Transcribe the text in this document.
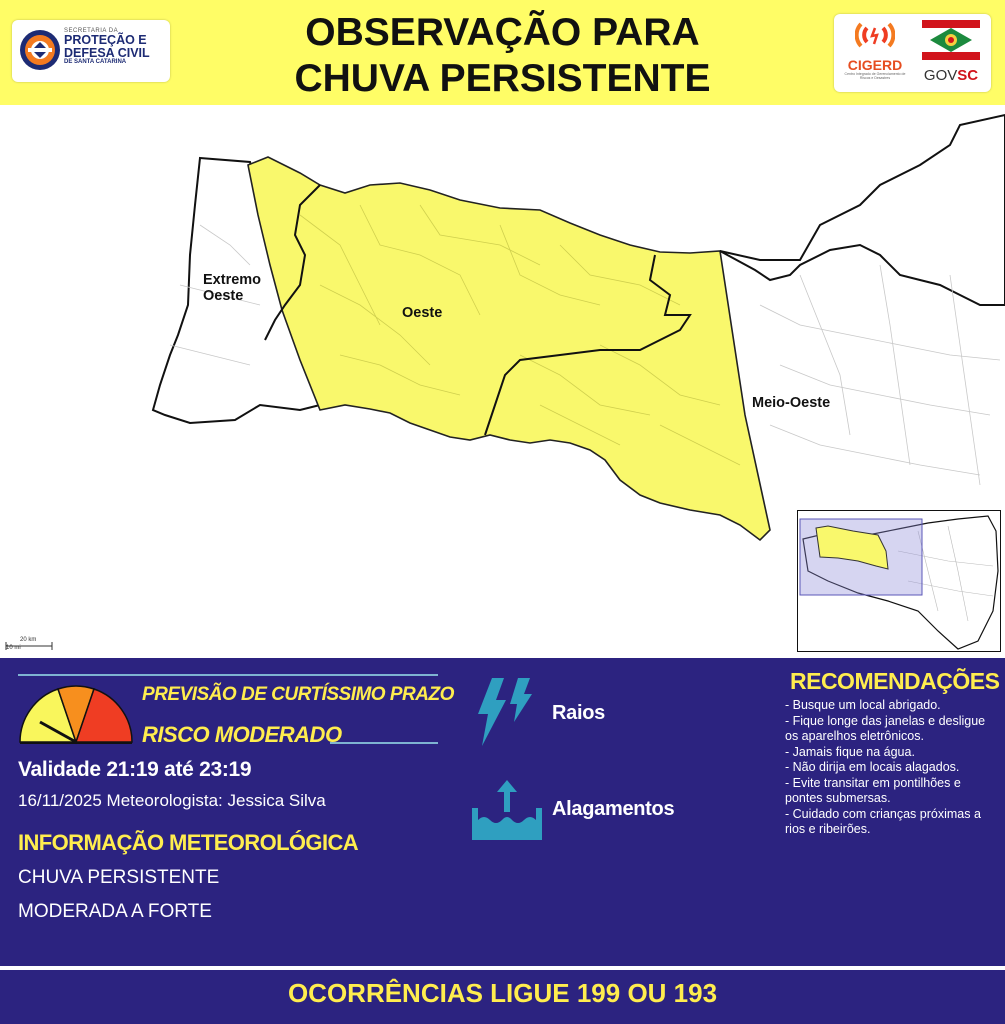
SECRETARIA DA
PROTEÇÃO E
DEFESA CIVIL
DE SANTA CATARINA
OBSERVAÇÃO PARA
CHUVA PERSISTENTE	CIGERD
Centro Integrado de Gerenciamento de Riscos e Desastres	GOVSC
Extremo
Oeste
Oeste
Meio-Oeste
20 km
10 mi
PREVISÃO DE CURTÍSSIMO PRAZO
RISCO MODERADO
Validade 21:19 até 23:19
16/11/2025 Meteorologista: Jessica Silva
INFORMAÇÃO METEOROLÓGICA
CHUVA PERSISTENTE
MODERADA A FORTE
Raios
Alagamentos
RECOMENDAÇÕES
- Busque um local abrigado.
- Fique longe das janelas e desligue os aparelhos eletrônicos.
- Jamais fique na água.
- Não dirija em locais alagados.
- Evite transitar em pontilhões e pontes submersas.
- Cuidado com crianças próximas a rios e ribeirões.
OCORRÊNCIAS LIGUE 199 OU 193
